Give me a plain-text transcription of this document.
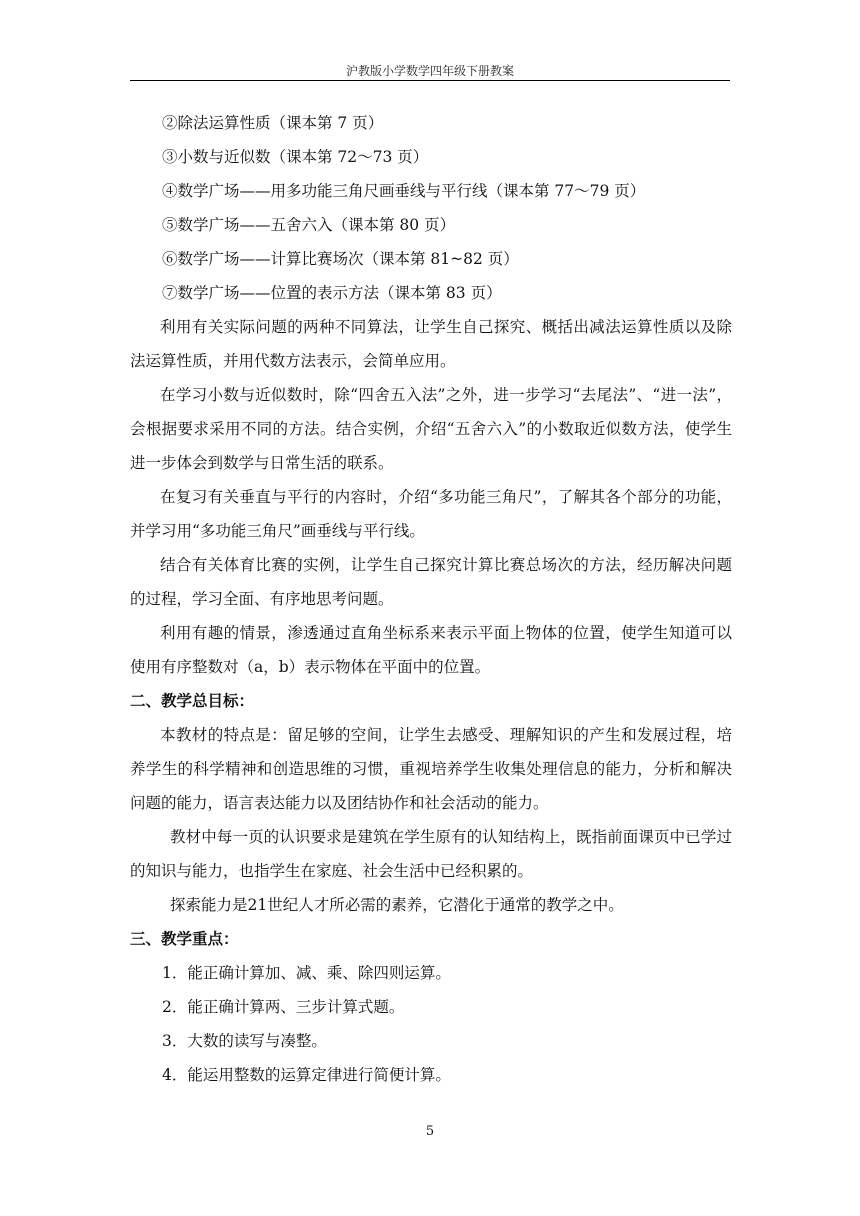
沪教版小学数学四年级下册教案

②除法运算性质（课本第 7 页）

③小数与近似数（课本第 72～73 页）

④数学广场——用多功能三角尺画垂线与平行线（课本第 77～79 页）

⑤数学广场——五舍六入（课本第 80 页）

⑥数学广场——计算比赛场次（课本第 81~82 页）

⑦数学广场——位置的表示方法（课本第 83 页）

利用有关实际问题的两种不同算法，让学生自己探究、概括出减法运算性质以及除法运算性质，并用代数方法表示，会简单应用。

在学习小数与近似数时，除“四舍五入法”之外，进一步学习“去尾法”、“进一法”，会根据要求采用不同的方法。结合实例，介绍“五舍六入”的小数取近似数方法，使学生进一步体会到数学与日常生活的联系。

在复习有关垂直与平行的内容时，介绍“多功能三角尺”，了解其各个部分的功能，并学习用“多功能三角尺”画垂线与平行线。

结合有关体育比赛的实例，让学生自己探究计算比赛总场次的方法，经历解决问题的过程，学习全面、有序地思考问题。

利用有趣的情景，渗透通过直角坐标系来表示平面上物体的位置，使学生知道可以使用有序整数对（a，b）表示物体在平面中的位置。

二、教学总目标：

本教材的特点是：留足够的空间，让学生去感受、理解知识的产生和发展过程，培养学生的科学精神和创造思维的习惯，重视培养学生收集处理信息的能力，分析和解决问题的能力，语言表达能力以及团结协作和社会活动的能力。

教材中每一页的认识要求是建筑在学生原有的认知结构上，既指前面课页中已学过的知识与能力，也指学生在家庭、社会生活中已经积累的。

探索能力是21世纪人才所必需的素养，它潜化于通常的教学之中。

三、教学重点：

1．能正确计算加、减、乘、除四则运算。

2．能正确计算两、三步计算式题。

3．大数的读写与凑整。

4．能运用整数的运算定律进行简便计算。

5
